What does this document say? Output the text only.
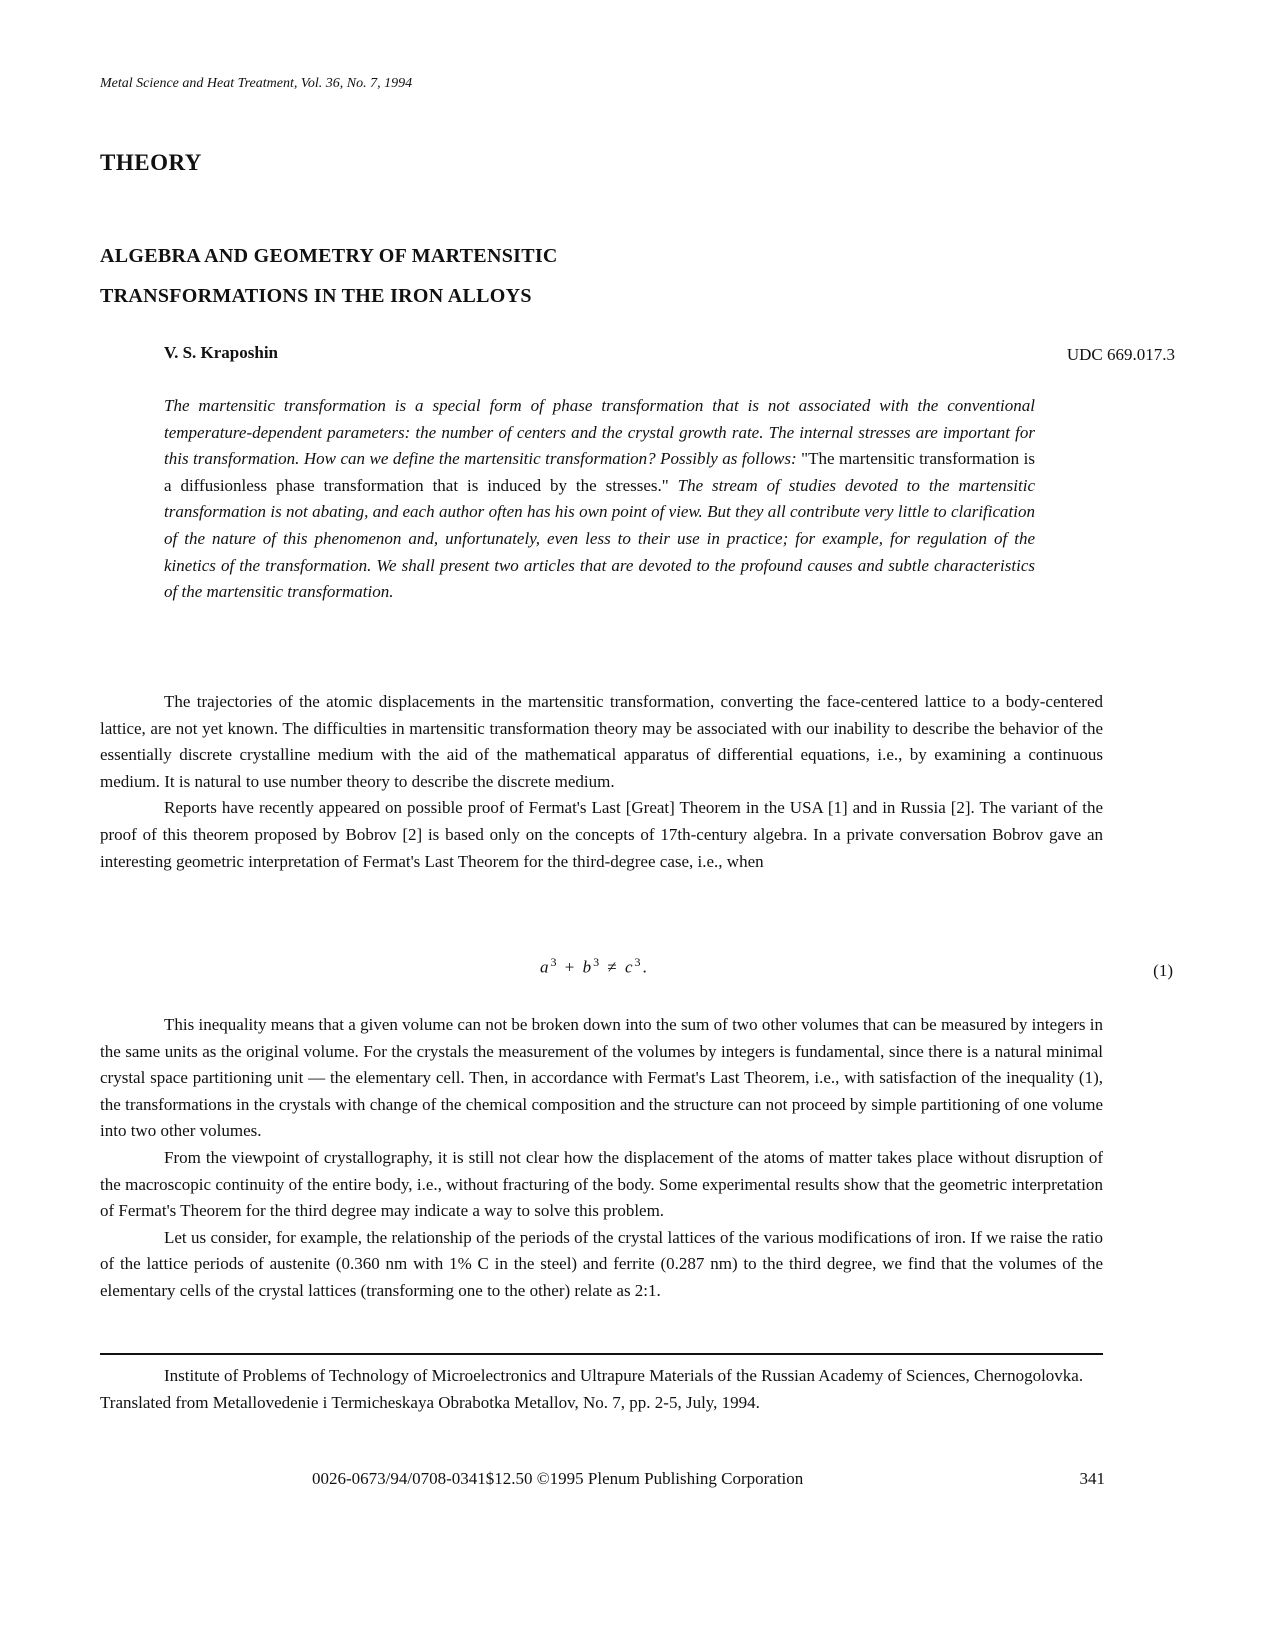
Metal Science and Heat Treatment, Vol. 36, No. 7, 1994
THEORY
ALGEBRA AND GEOMETRY OF MARTENSITIC
TRANSFORMATIONS IN THE IRON ALLOYS
V. S. Kraposhin	UDC 669.017.3
The martensitic transformation is a special form of phase transformation that is not associated with the conventional temperature-dependent parameters: the number of centers and the crystal growth rate. The internal stresses are important for this transformation. How can we define the martensitic transformation? Possibly as follows: "The martensitic transformation is a diffusionless phase transformation that is induced by the stresses." The stream of studies devoted to the martensitic transformation is not abating, and each author often has his own point of view. But they all contribute very little to clarification of the nature of this phenomenon and, unfortunately, even less to their use in practice; for example, for regulation of the kinetics of the transformation. We shall present two articles that are devoted to the profound causes and subtle characteristics of the martensitic transformation.

The trajectories of the atomic displacements in the martensitic transformation, converting the face-centered lattice to a body-centered lattice, are not yet known. The difficulties in martensitic transformation theory may be associated with our inability to describe the behavior of the essentially discrete crystalline medium with the aid of the mathematical apparatus of differential equations, i.e., by examining a continuous medium. It is natural to use number theory to describe the discrete medium.

Reports have recently appeared on possible proof of Fermat's Last [Great] Theorem in the USA [1] and in Russia [2]. The variant of the proof of this theorem proposed by Bobrov [2] is based only on the concepts of 17th-century algebra. In a private conversation Bobrov gave an interesting geometric interpretation of Fermat's Last Theorem for the third-degree case, i.e., when

$a^3 + b^3 \ne c^3$.	(1)

This inequality means that a given volume can not be broken down into the sum of two other volumes that can be measured by integers in the same units as the original volume. For the crystals the measurement of the volumes by integers is fundamental, since there is a natural minimal crystal space partitioning unit — the elementary cell. Then, in accordance with Fermat's Last Theorem, i.e., with satisfaction of the inequality (1), the transformations in the crystals with change of the chemical composition and the structure can not proceed by simple partitioning of one volume into two other volumes.

From the viewpoint of crystallography, it is still not clear how the displacement of the atoms of matter takes place without disruption of the macroscopic continuity of the entire body, i.e., without fracturing of the body. Some experimental results show that the geometric interpretation of Fermat's Theorem for the third degree may indicate a way to solve this problem.

Let us consider, for example, the relationship of the periods of the crystal lattices of the various modifications of iron. If we raise the ratio of the lattice periods of austenite (0.360 nm with 1% C in the steel) and ferrite (0.287 nm) to the third degree, we find that the volumes of the elementary cells of the crystal lattices (transforming one to the other) relate as 2:1.

Institute of Problems of Technology of Microelectronics and Ultrapure Materials of the Russian Academy of Sciences, Chernogolovka. Translated from Metallovedenie i Termicheskaya Obrabotka Metallov, No. 7, pp. 2-5, July, 1994.

0026-0673/94/0708-0341$12.50 ©1995 Plenum Publishing Corporation	341
